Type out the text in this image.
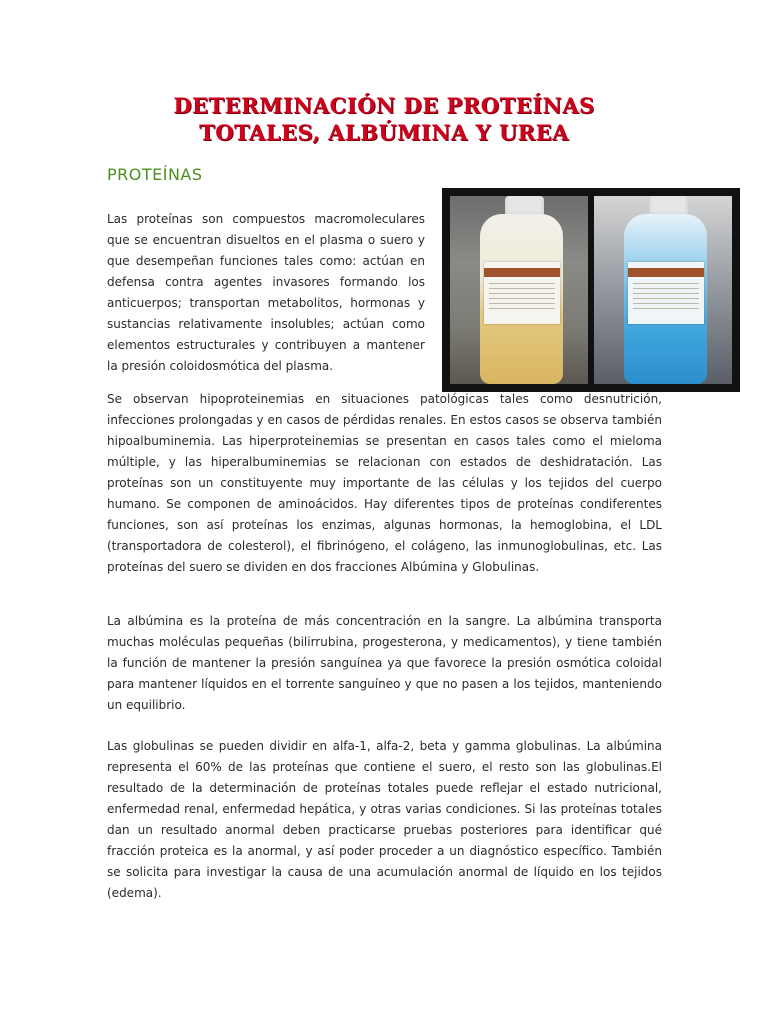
DETERMINACIÓN DE PROTEÍNAS
TOTALES, ALBÚMINA Y UREA
PROTEÍNAS

Las proteínas son compuestos macromoleculares que se encuentran disueltos en el plasma o suero y que desempeñan funciones tales como: actúan en defensa contra agentes invasores formando los anticuerpos; transportan metabolitos, hormonas y sustancias relativamente insolubles; actúan como elementos estructurales y contribuyen a mantener la presión coloidosmótica del plasma.

Se observan hipoproteinemias en situaciones patológicas tales como desnutrición, infecciones prolongadas y en casos de pérdidas renales. En estos casos se observa también hipoalbuminemia. Las hiperproteinemias se presentan en casos tales como el mieloma múltiple, y las hiperalbuminemias se relacionan con estados de deshidratación. Las proteínas son un constituyente muy importante de las células y los tejidos del cuerpo humano. Se componen de aminoácidos. Hay diferentes tipos de proteínas condiferentes funciones, son así proteínas los enzimas, algunas hormonas, la hemoglobina, el LDL (transportadora de colesterol), el fibrinógeno, el colágeno, las inmunoglobulinas, etc. Las proteínas del suero se dividen en dos fracciones Albúmina y Globulinas.

La albúmina es la proteína de más concentración en la sangre. La albúmina transporta muchas moléculas pequeñas (bilirrubina, progesterona, y medicamentos), y tiene también la función de mantener la presión sanguínea ya que favorece la presión osmótica coloidal para mantener líquidos en el torrente sanguíneo y que no pasen a los tejidos, manteniendo un equilibrio.

Las globulinas se pueden dividir en alfa-1, alfa-2, beta y gamma globulinas. La albúmina representa el 60% de las proteínas que contiene el suero, el resto son las globulinas.El resultado de la determinación de proteínas totales puede reflejar el estado nutricional, enfermedad renal, enfermedad hepática, y otras varias condiciones. Si las proteínas totales dan un resultado anormal deben practicarse pruebas posteriores para identificar qué fracción proteica es la anormal, y así poder proceder a un diagnóstico específico. También se solicita para investigar la causa de una acumulación anormal de líquido en los tejidos (edema).
